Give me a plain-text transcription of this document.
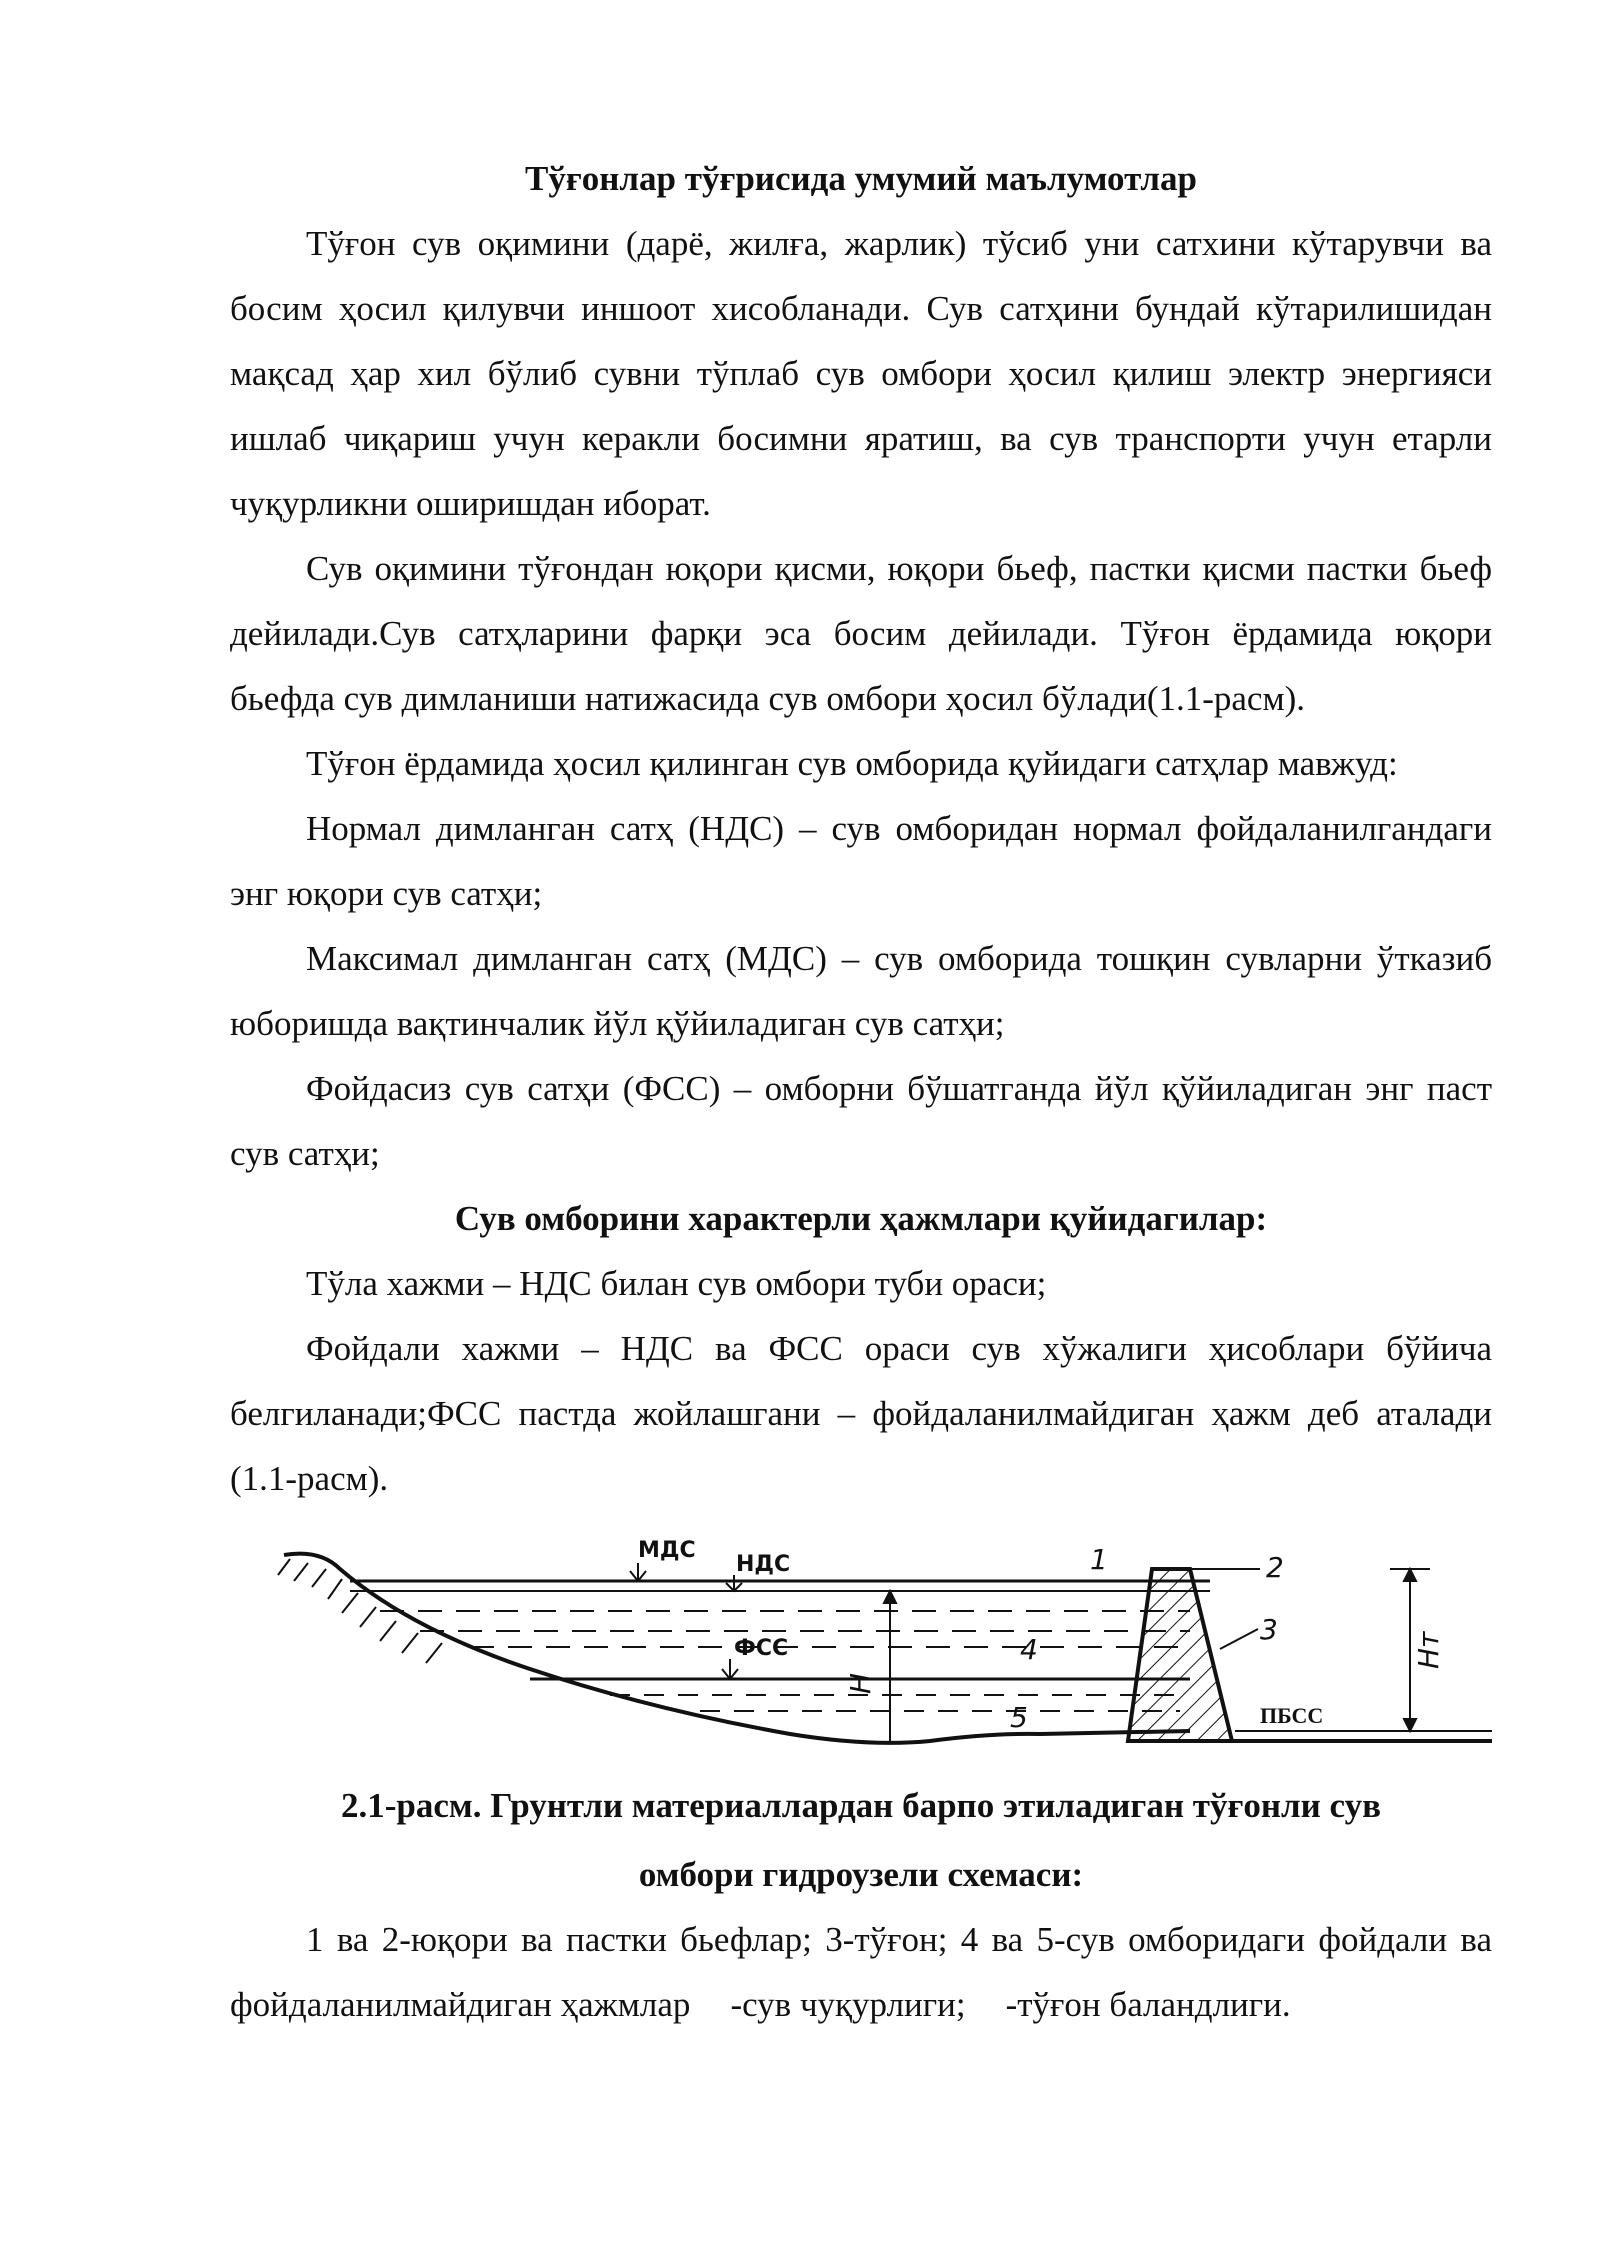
Тўғонлар тўғрисида умумий маълумотлар

Тўғон сув оқимини (дарё, жилға, жарлик) тўсиб уни сатхини кўтарувчи ва босим ҳосил қилувчи иншоот хисобланади. Сув сатҳини бундай кўтарилишидан мақсад ҳар хил бўлиб сувни тўплаб сув омбори ҳосил қилиш электр энергияси ишлаб чиқариш учун керакли босимни яратиш, ва сув транспорти учун етарли чуқурликни оширишдан иборат.

Сув оқимини тўғондан юқори қисми, юқори бьеф, пастки қисми пастки бьеф дейилади.Сув сатҳларини фарқи эса босим дейилади. Тўғон ёрдамида юқори бьефда сув димланиши натижасида сув омбори ҳосил бўлади(1.1-расм).

Тўғон ёрдамида ҳосил қилинган сув омборида қуйидаги сатҳлар мавжуд:

Нормал димланган сатҳ (НДС) – сув омборидан нормал фойдаланилгандаги энг юқори сув сатҳи;

Максимал димланган сатҳ (МДС) – сув омборида тошқин сувларни ўтказиб юборишда вақтинчалик йўл қўйиладиган сув сатҳи;

Фойдасиз сув сатҳи (ФСС) – омборни бўшатганда йўл қўйиладиган энг паст сув сатҳи;

Сув омборини характерли ҳажмлари қуйидагилар:

Тўла хажми – НДС билан сув омбори туби ораси;

Фойдали хажми – НДС ва ФСС ораси сув хўжалиги ҳисоблари бўйича белгиланади;ФСС пастда жойлашгани – фойдаланилмайдиган ҳажм деб аталади (1.1-расм).

МДС
НДС
ФСС
H
1
4
5
2
3
ПБСС
Hт

2.1-расм. Грунтли материаллардан барпо этиладиган тўғонли сув

омбори гидроузели схемаси:

1 ва 2-юқори ва пастки бьефлар; 3-тўғон; 4 ва 5-сув омборидаги фойдали ва фойдаланилмайдиган ҳажмлар -сув чуқурлиги; -тўғон баландлиги.
